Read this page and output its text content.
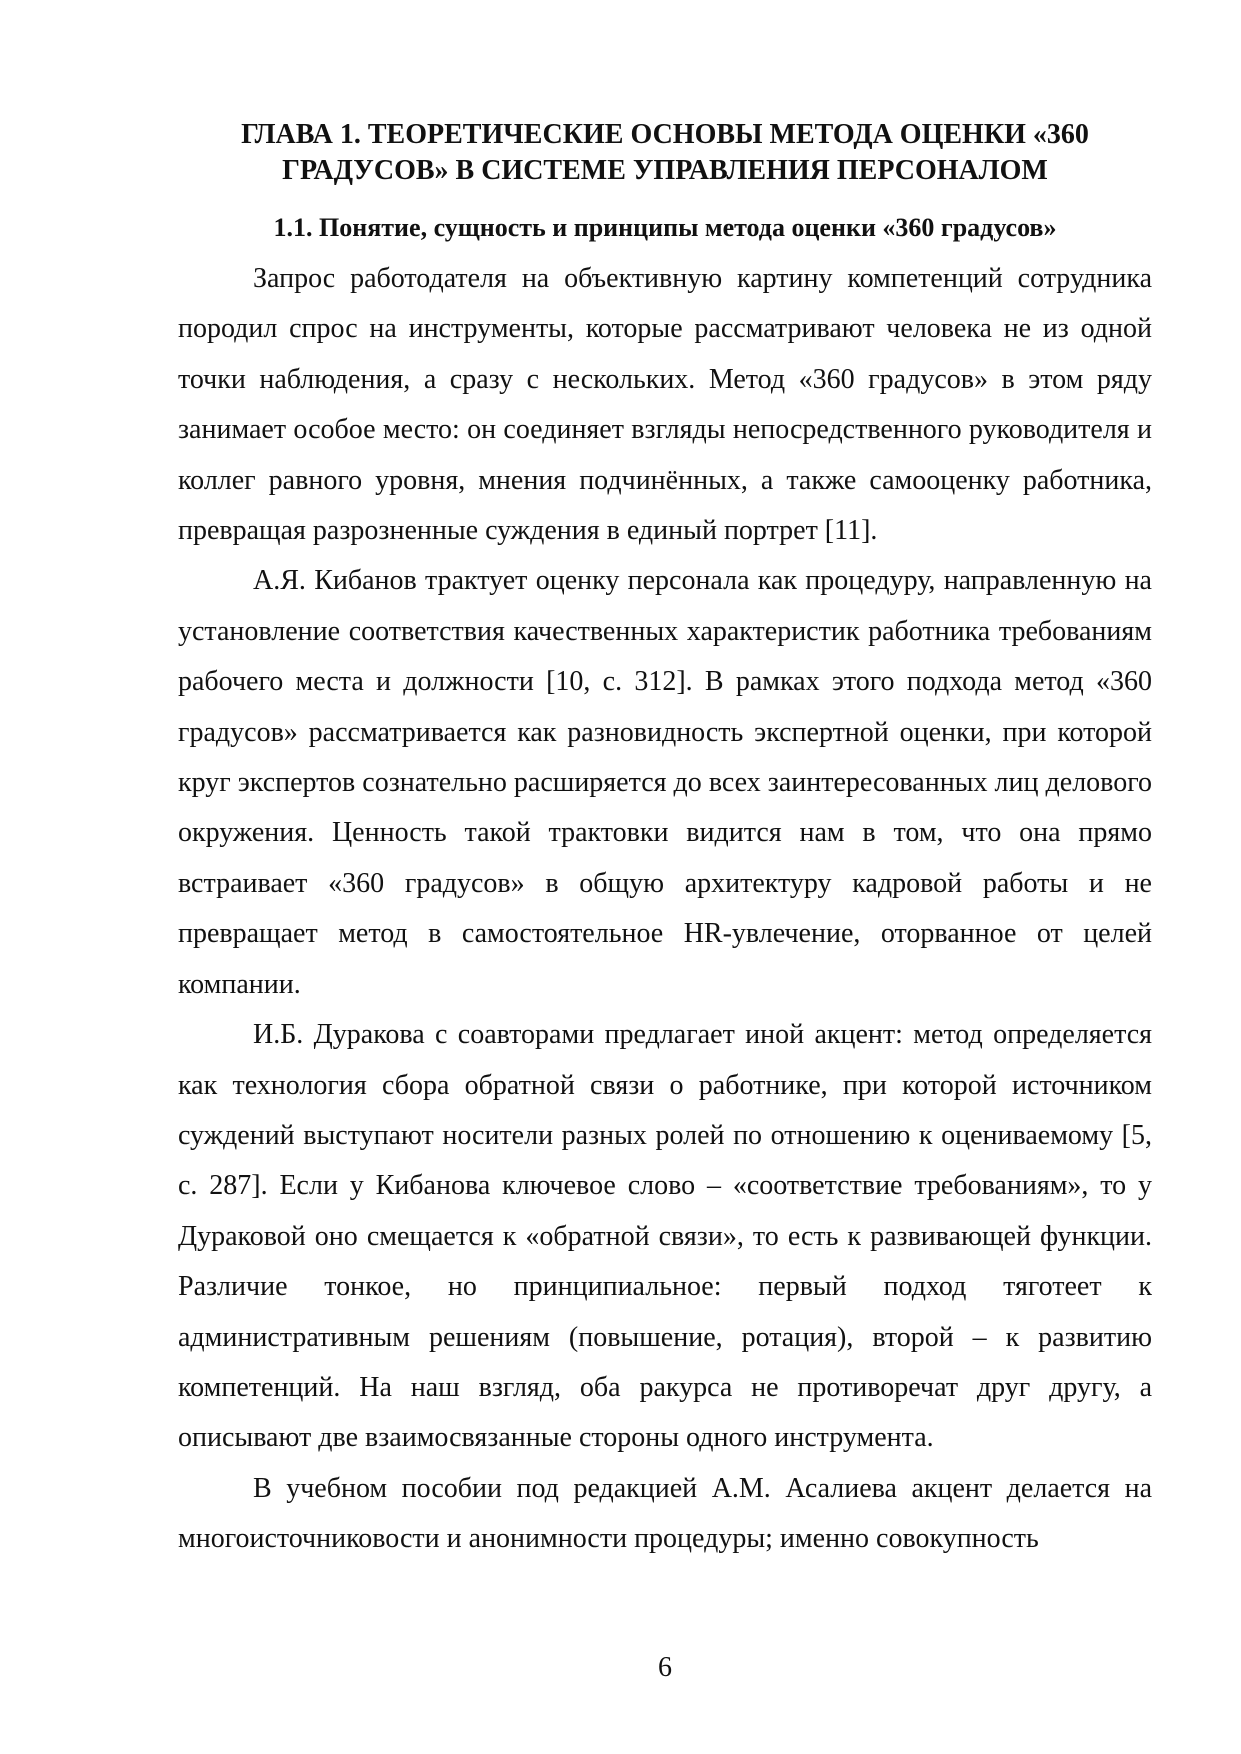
ГЛАВА 1. ТЕОРЕТИЧЕСКИЕ ОСНОВЫ МЕТОДА ОЦЕНКИ «360
ГРАДУСОВ» В СИСТЕМЕ УПРАВЛЕНИЯ ПЕРСОНАЛОМ
1.1. Понятие, сущность и принципы метода оценки «360 градусов»

Запрос работодателя на объективную картину компетенций сотрудника породил спрос на инструменты, которые рассматривают человека не из одной точки наблюдения, а сразу с нескольких. Метод «360 градусов» в этом ряду занимает особое место: он соединяет взгляды непосредственного руководителя и коллег равного уровня, мнения подчинённых, а также самооценку работника, превращая разрозненные суждения в единый портрет [11].

А.Я. Кибанов трактует оценку персонала как процедуру, направленную на установление соответствия качественных характеристик работника требованиям рабочего места и должности [10, с. 312]. В рамках этого подхода метод «360 градусов» рассматривается как разновидность экспертной оценки, при которой круг экспертов сознательно расширяется до всех заинтересованных лиц делового окружения. Ценность такой трактовки видится нам в том, что она прямо встраивает «360 градусов» в общую архитектуру кадровой работы и не превращает метод в самостоятельное HR-увлечение, оторванное от целей компании.

И.Б. Дуракова с соавторами предлагает иной акцент: метод определяется как технология сбора обратной связи о работнике, при которой источником суждений выступают носители разных ролей по отношению к оцениваемому [5, с. 287]. Если у Кибанова ключевое слово – «соответствие требованиям», то у Дураковой оно смещается к «обратной связи», то есть к развивающей функции. Различие тонкое, но принципиальное: первый подход тяготеет к административным решениям (повышение, ротация), второй – к развитию компетенций. На наш взгляд, оба ракурса не противоречат друг другу, а описывают две взаимосвязанные стороны одного инструмента.

В учебном пособии под редакцией А.М. Асалиева акцент делается на многоисточниковости и анонимности процедуры; именно совокупность

6
